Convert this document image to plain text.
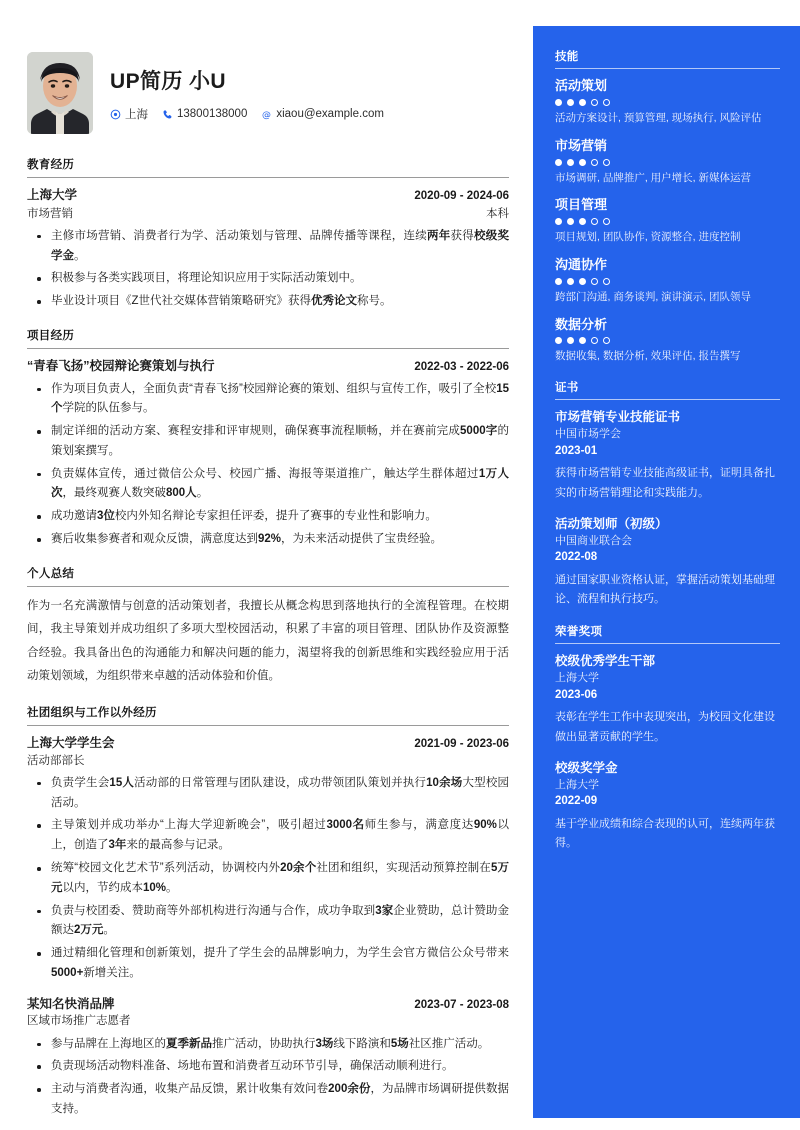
UP简历 小U
上海	13800138000 @ xiaou@example.com
教育经历
上海大学	2020-09 - 2024-06
市场营销	本科
主修市场营销、消费者行为学、活动策划与管理、品牌传播等课程，连续两年获得校级奖学金。
积极参与各类实践项目，将理论知识应用于实际活动策划中。
毕业设计项目《Z世代社交媒体营销策略研究》获得优秀论文称号。
项目经历
“青春飞扬”校园辩论赛策划与执行	2022-03 - 2022-06
作为项目负责人，全面负责“青春飞扬”校园辩论赛的策划、组织与宣传工作，吸引了全校15个学院的队伍参与。
制定详细的活动方案、赛程安排和评审规则，确保赛事流程顺畅，并在赛前完成5000字的策划案撰写。
负责媒体宣传，通过微信公众号、校园广播、海报等渠道推广，触达学生群体超过1万人次，最终观赛人数突破800人。
成功邀请3位校内外知名辩论专家担任评委，提升了赛事的专业性和影响力。
赛后收集参赛者和观众反馈，满意度达到92%，为未来活动提供了宝贵经验。
个人总结
作为一名充满激情与创意的活动策划者，我擅长从概念构思到落地执行的全流程管理。在校期间，我主导策划并成功组织了多项大型校园活动，积累了丰富的项目管理、团队协作及资源整合经验。我具备出色的沟通能力和解决问题的能力，渴望将我的创新思维和实践经验应用于活动策划领域，为组织带来卓越的活动体验和价值。
社团组织与工作以外经历
上海大学学生会	2021-09 - 2023-06
活动部部长
负责学生会15人活动部的日常管理与团队建设，成功带领团队策划并执行10余场大型校园活动。
主导策划并成功举办“上海大学迎新晚会”，吸引超过3000名师生参与，满意度达90%以上，创造了3年来的最高参与记录。
统筹“校园文化艺术节”系列活动，协调校内外20余个社团和组织，实现活动预算控制在5万元以内，节约成本10%。
负责与校团委、赞助商等外部机构进行沟通与合作，成功争取到3家企业赞助，总计赞助金额达2万元。
通过精细化管理和创新策划，提升了学生会的品牌影响力，为学生会官方微信公众号带来5000+新增关注。
某知名快消品牌	2023-07 - 2023-08
区域市场推广志愿者
参与品牌在上海地区的夏季新品推广活动，协助执行3场线下路演和5场社区推广活动。
负责现场活动物料准备、场地布置和消费者互动环节引导，确保活动顺利进行。
主动与消费者沟通，收集产品反馈，累计收集有效问卷200余份，为品牌市场调研提供数据支持。
技能
活动策划
活动方案设计, 预算管理, 现场执行, 风险评估
市场营销
市场调研, 品牌推广, 用户增长, 新媒体运营
项目管理
项目规划, 团队协作, 资源整合, 进度控制
沟通协作
跨部门沟通, 商务谈判, 演讲演示, 团队领导
数据分析
数据收集, 数据分析, 效果评估, 报告撰写
证书
市场营销专业技能证书
中国市场学会
2023-01
获得市场营销专业技能高级证书，证明具备扎实的市场营销理论和实践能力。
活动策划师（初级）
中国商业联合会
2022-08
通过国家职业资格认证，掌握活动策划基础理论、流程和执行技巧。
荣誉奖项
校级优秀学生干部
上海大学
2023-06
表彰在学生工作中表现突出，为校园文化建设做出显著贡献的学生。
校级奖学金
上海大学
2022-09
基于学业成绩和综合表现的认可，连续两年获得。
